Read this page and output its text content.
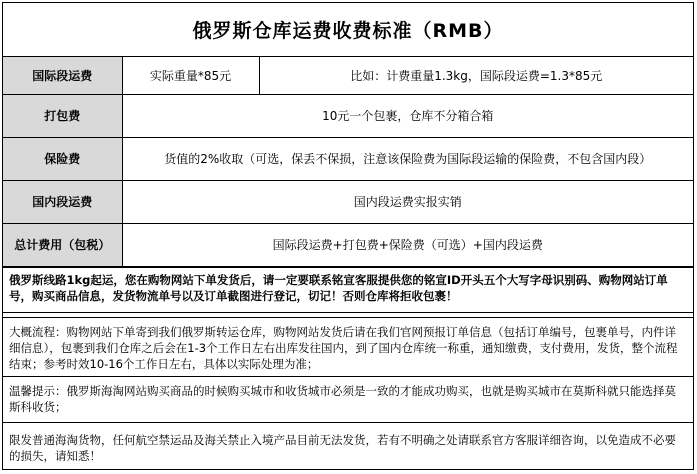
俄罗斯仓库运费收费标准（RMB）
国际段运费	实际重量*85元	比如：计费重量1.3kg，国际段运费=1.3*85元
打包费	10元一个包裹，仓库不分箱合箱	
保险费	货值的2%收取（可选，保丢不保损，注意该保险费为国际段运输的保险费，不包含国内段）	
国内段运费	国内段运费实报实销	
总计费用（包税）	国际段运费+打包费+保险费（可选）+国内段运费	
俄罗斯线路1kg起运，您在购物网站下单发货后，请一定要联系铭宣客服提供您的铭宣ID开头五个大写字母识别码、购物网站订单号，购买商品信息，发货物流单号以及订单截图进行登记，切记！否则仓库将拒收包裹！
大概流程：购物网站下单寄到我们俄罗斯转运仓库，购物网站发货后请在我们官网预报订单信息（包括订单编号，包裹单号，内件详细信息），包裹到我们仓库之后会在1-3个工作日左右出库发往国内，到了国内仓库统一称重，通知缴费，支付费用，发货，整个流程结束；参考时效10-16个工作日左右，具体以实际处理为准；
温馨提示：俄罗斯海淘网站购买商品的时候购买城市和收货城市必须是一致的才能成功购买，也就是购买城市在莫斯科就只能选择莫斯科收货；
限发普通海淘货物，任何航空禁运品及海关禁止入境产品目前无法发货，若有不明确之处请联系官方客服详细咨询，以免造成不必要的损失，请知悉！
